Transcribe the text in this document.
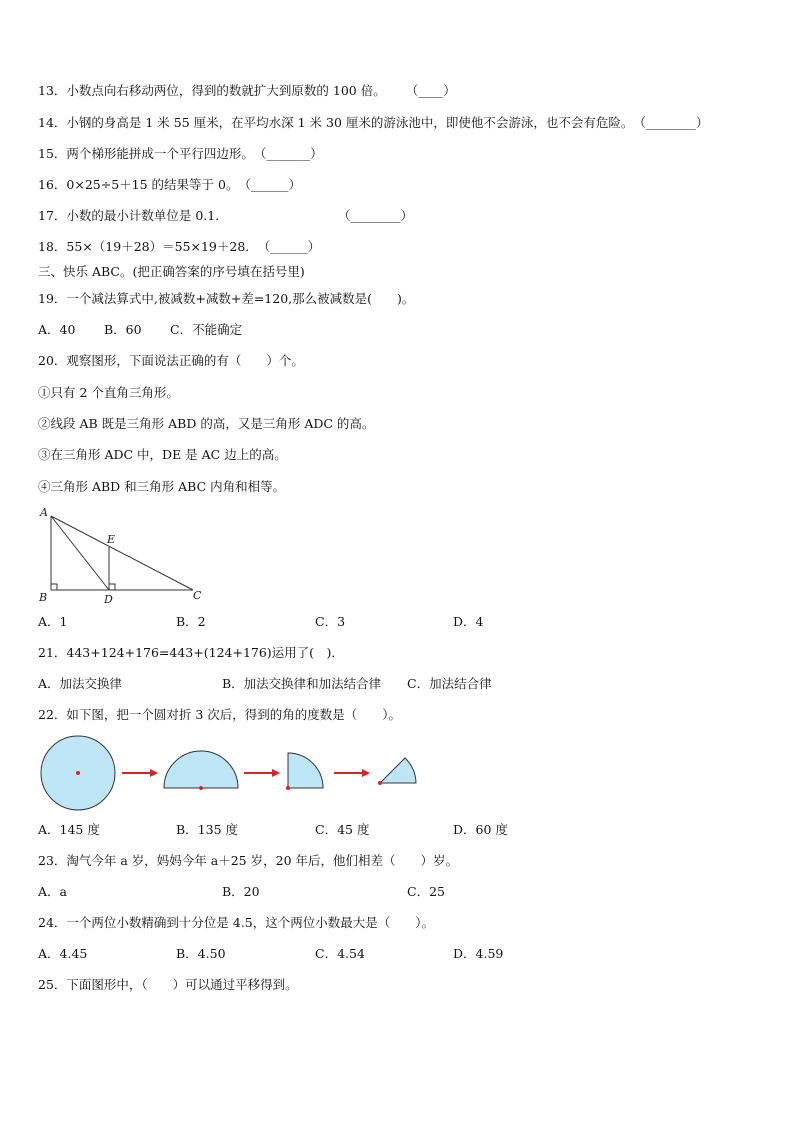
13．小数点向右移动两位，得到的数就扩大到原数的 100 倍。 （____）
14．小钢的身高是 1 米 55 厘米，在平均水深 1 米 30 厘米的游泳池中，即使他不会游泳，也不会有危险。（________）
15．两个梯形能拼成一个平行四边形。（_______）
16．0×25÷5＋15 的结果等于 0。（______）
17．小数的最小计数单位是 0.1．	（________）
18．55×（19＋28）＝55×19＋28．（______）
三、快乐 ABC。(把正确答案的序号填在括号里)
19．一个减法算式中,被减数+减数+差=120,那么被减数是(　　)。
A．40 B．60 C．不能确定
20．观察图形，下面说法正确的有（　　）个。
①只有 2 个直角三角形。
②线段 AB 既是三角形 ABD 的高，又是三角形 ADC 的高。
③在三角形 ADC 中，DE 是 AC 边上的高。
④三角形 ABD 和三角形 ABC 内角和相等。
A
E
B	D	C
A．1	B．2	C．3	D．4
21．443+124+176=443+(124+176)运用了(　)．
A．加法交换律	B．加法交换律和加法结合律 C．加法结合律
22．如下图，把一个圆对折 3 次后，得到的角的度数是（　　）。
A．145 度	B．135 度	C．45 度	D．60 度
23．淘气今年 a 岁，妈妈今年 a＋25 岁，20 年后，他们相差（　　）岁。
A．a	B．20	C．25
24．一个两位小数精确到十分位是 4.5，这个两位小数最大是（　　）。
A．4.45	B．4.50	C．4.54	D．4.59
25．下面图形中，（　　）可以通过平移得到。
